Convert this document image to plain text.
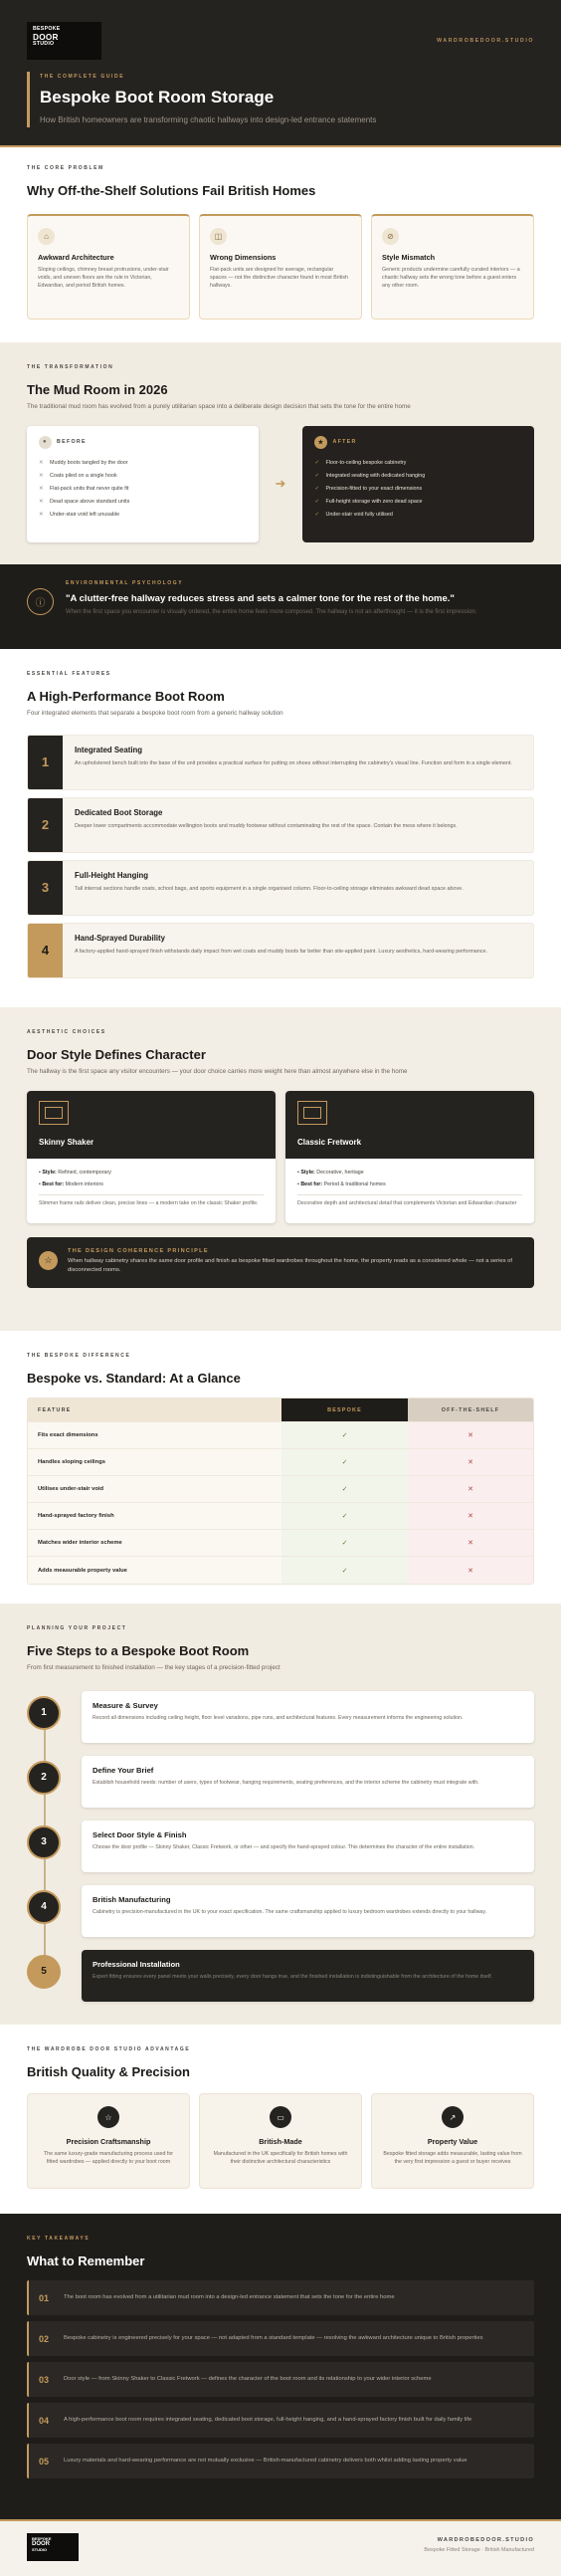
BESPOKE
DOOR
STUDIO
WARDROBEDOOR.STUDIO
THE COMPLETE GUIDE
Bespoke Boot Room Storage
How British homeowners are transforming chaotic hallways into design-led entrance statements
THE CORE PROBLEM
Why Off-the-Shelf Solutions Fail British Homes
⌂
Awkward Architecture

Sloping ceilings, chimney breast protrusions, under-stair voids, and uneven floors are the rule in Victorian, Edwardian, and period British homes.

◫
Wrong Dimensions

Flat-pack units are designed for average, rectangular spaces — not the distinctive character found in most British hallways.

⊘
Style Mismatch

Generic products undermine carefully curated interiors — a chaotic hallway sets the wrong tone before a guest enters any other room.

THE TRANSFORMATION
The Mud Room in 2026
The traditional mud room has evolved from a purely utilitarian space into a deliberate design decision that sets the tone for the entire home
●	BEFORE
✕ Muddy boots tangled by the door
✕ Coats piled on a single hook
✕ Flat-pack units that never quite fit
✕ Dead space above standard units
✕ Under-stair void left unusable
➜
★	AFTER
✓ Floor-to-ceiling bespoke cabinetry
✓ Integrated seating with dedicated hanging
✓ Precision-fitted to your exact dimensions
✓ Full-height storage with zero dead space
✓ Under-stair void fully utilised
ⓘ
ENVIRONMENTAL PSYCHOLOGY
"A clutter-free hallway reduces stress and sets a calmer tone for the rest of the home."
When the first space you encounter is visually ordered, the entire home feels more composed. The hallway is not an afterthought — it is the first impression.
ESSENTIAL FEATURES
A High-Performance Boot Room
Four integrated elements that separate a bespoke boot room from a generic hallway solution
1
Integrated Seating

An upholstered bench built into the base of the unit provides a practical surface for putting on shoes without interrupting the cabinetry's visual line. Function and form in a single element.

2
Dedicated Boot Storage

Deeper lower compartments accommodate wellington boots and muddy footwear without contaminating the rest of the space. Contain the mess where it belongs.

3
Full-Height Hanging

Tall internal sections handle coats, school bags, and sports equipment in a single organised column. Floor-to-ceiling storage eliminates awkward dead space above.

4
Hand-Sprayed Durability

A factory-applied hand-sprayed finish withstands daily impact from wet coats and muddy boots far better than site-applied paint. Luxury aesthetics, hard-wearing performance.

AESTHETIC CHOICES
Door Style Defines Character
The hallway is the first space any visitor encounters — your door choice carries more weight here than almost anywhere else in the home
Skinny Shaker

▪ Style: Refined, contemporary

▪ Best for: Modern interiors

Slimmer frame rails deliver clean, precise lines — a modern take on the classic Shaker profile.

Classic Fretwork

▪ Style: Decorative, heritage

▪ Best for: Period & traditional homes

Decorative depth and architectural detail that complements Victorian and Edwardian character

☆
THE DESIGN COHERENCE PRINCIPLE

When hallway cabinetry shares the same door profile and finish as bespoke fitted wardrobes throughout the home, the property reads as a considered whole — not a series of disconnected rooms.

THE BESPOKE DIFFERENCE
Bespoke vs. Standard: At a Glance
FEATURE	BESPOKE	OFF-THE-SHELF
Fits exact dimensions	✓	✕
Handles sloping ceilings	✓	✕
Utilises under-stair void	✓	✕
Hand-sprayed factory finish	✓	✕
Matches wider interior scheme	✓	✕
Adds measurable property value	✓	✕
PLANNING YOUR PROJECT
Five Steps to a Bespoke Boot Room
From first measurement to finished installation — the key stages of a precision-fitted project
1
Measure & Survey

Record all dimensions including ceiling height, floor level variations, pipe runs, and architectural features. Every measurement informs the engineering solution.

2
Define Your Brief

Establish household needs: number of users, types of footwear, hanging requirements, seating preferences, and the interior scheme the cabinetry must integrate with.

3
Select Door Style & Finish

Choose the door profile — Skinny Shaker, Classic Fretwork, or other — and specify the hand-sprayed colour. This determines the character of the entire installation.

4
British Manufacturing

Cabinetry is precision-manufactured in the UK to your exact specification. The same craftsmanship applied to luxury bedroom wardrobes extends directly to your hallway.

5
Professional Installation

Expert fitting ensures every panel meets your walls precisely, every door hangs true, and the finished installation is indistinguishable from the architecture of the home itself.

THE WARDROBE DOOR STUDIO ADVANTAGE
British Quality & Precision
☆
Precision Craftsmanship

The same luxury-grade manufacturing process used for fitted wardrobes — applied directly to your boot room

▭
British-Made

Manufactured in the UK specifically for British homes with their distinctive architectural characteristics

↗
Property Value

Bespoke fitted storage adds measurable, lasting value from the very first impression a guest or buyer receives

KEY TAKEAWAYS
What to Remember
01	The boot room has evolved from a utilitarian mud room into a design-led entrance statement that sets the tone for the entire home

02	Bespoke cabinetry is engineered precisely for your space — not adapted from a standard template — resolving the awkward architecture unique to British properties

03	Door style — from Skinny Shaker to Classic Fretwork — defines the character of the boot room and its relationship to your wider interior scheme

04	A high-performance boot room requires integrated seating, dedicated boot storage, full-height hanging, and a hand-sprayed factory finish built for daily family life

05	Luxury materials and hard-wearing performance are not mutually exclusive — British-manufactured cabinetry delivers both whilst adding lasting property value

BESPOKE
DOOR
STUDIO
WARDROBEDOOR.STUDIO
Bespoke Fitted Storage · British Manufactured
